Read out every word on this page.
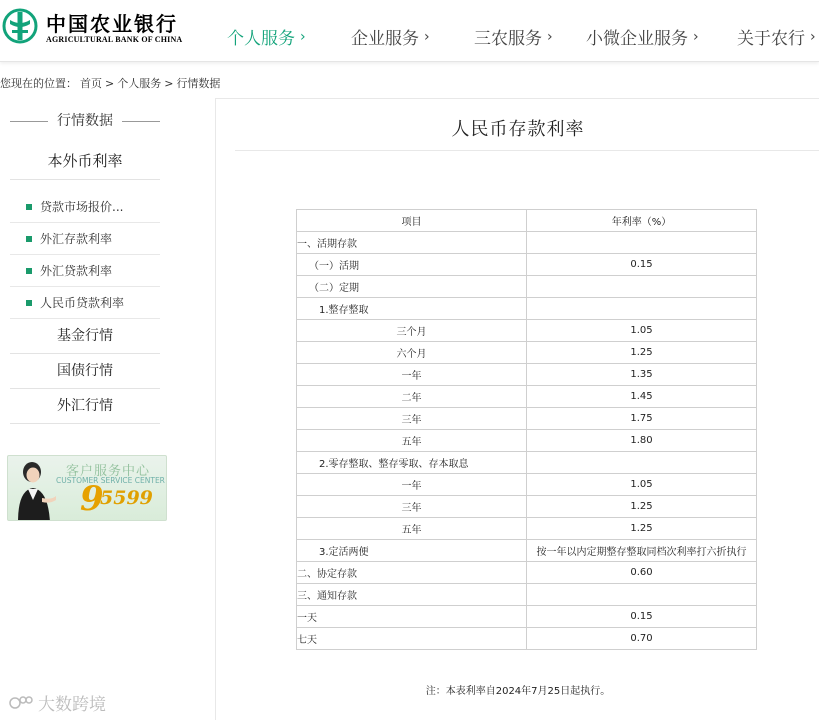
中国农业银行
AGRICULTURAL BANK OF CHINA	个人服务 ›	企业服务 ›	三农服务 › 小微企业服务 › 关于农行 ›
您现在的位置： 首页 > 个人服务 > 行情数据
行情数据
本外币利率
贷款市场报价...
外汇存款利率
外汇贷款利率
人民币贷款利率
基金行情
国债行情
外汇行情
客户服务中心
CUSTOMER SERVICE CENTER
9
5599
人民币存款利率
项目	年利率（%）
一、活期存款	
（一）活期	0.15
（二）定期	
1.整存整取	
三个月	1.05
六个月	1.25
一年	1.35
二年	1.45
三年	1.75
五年	1.80
2.零存整取、整存零取、存本取息	
一年	1.05
三年	1.25
五年	1.25
3.定活两便	按一年以内定期整存整取同档次利率打六折执行
二、协定存款	0.60
三、通知存款	
一天	0.15
七天	0.70
注：本表利率自2024年7月25日起执行。
大数跨境
